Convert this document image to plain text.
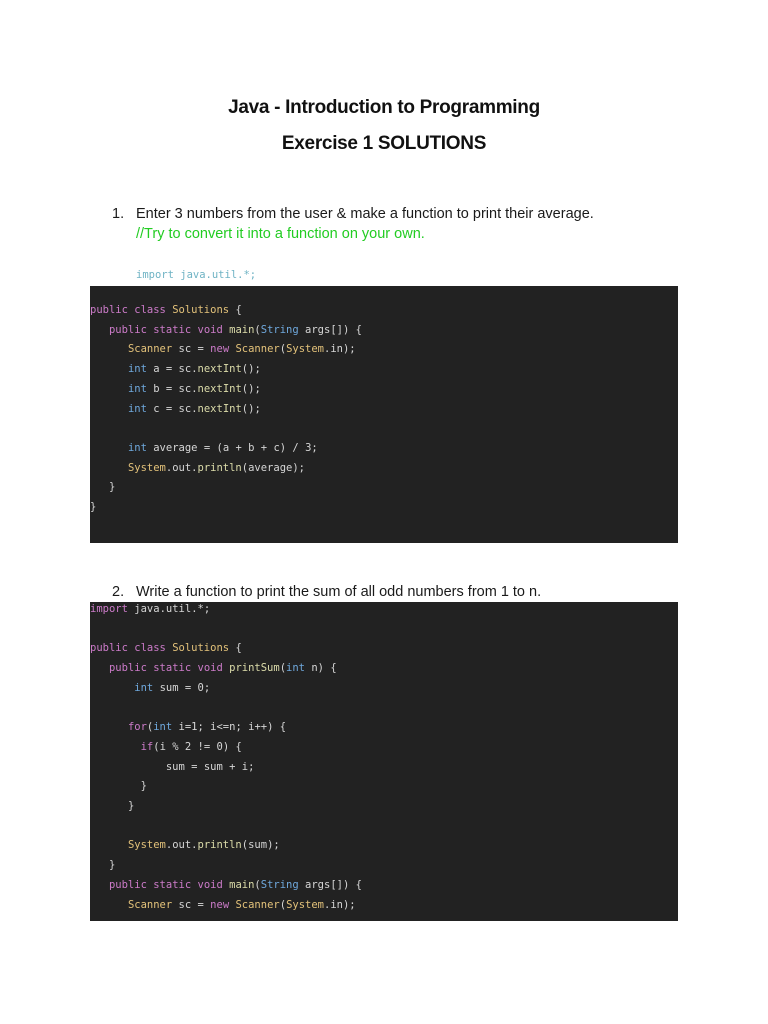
Java - Introduction to Programming
Exercise 1 SOLUTIONS
1. Enter 3 numbers from the user & make a function to print their average.
//Try to convert it into a function on your own.
import java.util.*;
public class Solutions {
public static void main(String args[]) {
Scanner sc = new Scanner(System.in);
int a = sc.nextInt();
int b = sc.nextInt();
int c = sc.nextInt();
int average = (a + b + c) / 3;
System.out.println(average);
}
}
2. Write a function to print the sum of all odd numbers from 1 to n.
import java.util.*;
public class Solutions {
public static void printSum(int n) {
int sum = 0;
for(int i=1; i<=n; i++) {
if(i % 2 != 0) {
sum = sum + i;
}
}
System.out.println(sum);
}
public static void main(String args[]) {
Scanner sc = new Scanner(System.in);
